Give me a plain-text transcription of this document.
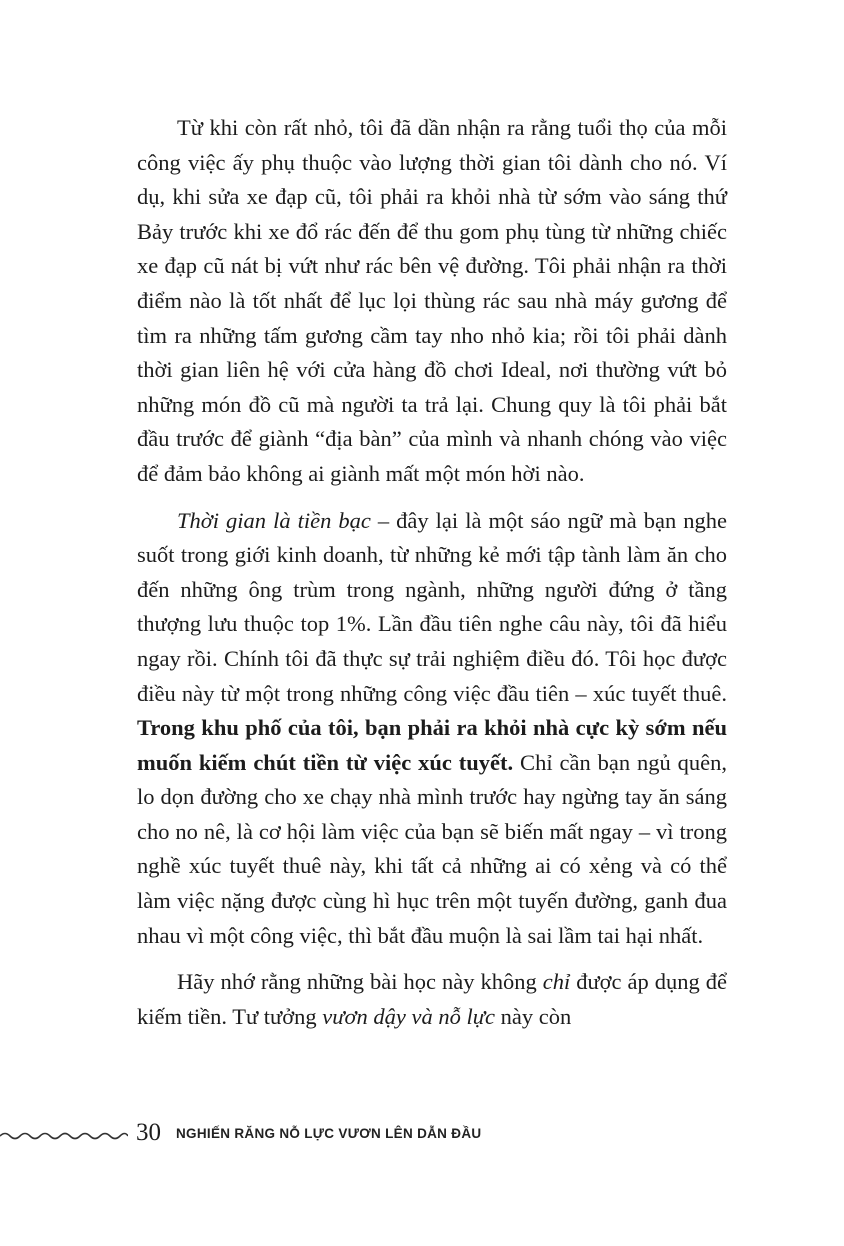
Từ khi còn rất nhỏ, tôi đã dần nhận ra rằng tuổi thọ của mỗi công việc ấy phụ thuộc vào lượng thời gian tôi dành cho nó. Ví dụ, khi sửa xe đạp cũ, tôi phải ra khỏi nhà từ sớm vào sáng thứ Bảy trước khi xe đổ rác đến để thu gom phụ tùng từ những chiếc xe đạp cũ nát bị vứt như rác bên vệ đường. Tôi phải nhận ra thời điểm nào là tốt nhất để lục lọi thùng rác sau nhà máy gương để tìm ra những tấm gương cầm tay nho nhỏ kia; rồi tôi phải dành thời gian liên hệ với cửa hàng đồ chơi Ideal, nơi thường vứt bỏ những món đồ cũ mà người ta trả lại. Chung quy là tôi phải bắt đầu trước để giành “địa bàn” của mình và nhanh chóng vào việc để đảm bảo không ai giành mất một món hời nào.

Thời gian là tiền bạc – đây lại là một sáo ngữ mà bạn nghe suốt trong giới kinh doanh, từ những kẻ mới tập tành làm ăn cho đến những ông trùm trong ngành, những người đứng ở tầng thượng lưu thuộc top 1%. Lần đầu tiên nghe câu này, tôi đã hiểu ngay rồi. Chính tôi đã thực sự trải nghiệm điều đó. Tôi học được điều này từ một trong những công việc đầu tiên – xúc tuyết thuê. Trong khu phố của tôi, bạn phải ra khỏi nhà cực kỳ sớm nếu muốn kiếm chút tiền từ việc xúc tuyết. Chỉ cần bạn ngủ quên, lo dọn đường cho xe chạy nhà mình trước hay ngừng tay ăn sáng cho no nê, là cơ hội làm việc của bạn sẽ biến mất ngay – vì trong nghề xúc tuyết thuê này, khi tất cả những ai có xẻng và có thể làm việc nặng được cùng hì hục trên một tuyến đường, ganh đua nhau vì một công việc, thì bắt đầu muộn là sai lầm tai hại nhất.

Hãy nhớ rằng những bài học này không chỉ được áp dụng để kiếm tiền. Tư tưởng vươn dậy và nỗ lực này còn

30 NGHIẾN RĂNG NỖ LỰC VƯƠN LÊN DẪN ĐẦU
